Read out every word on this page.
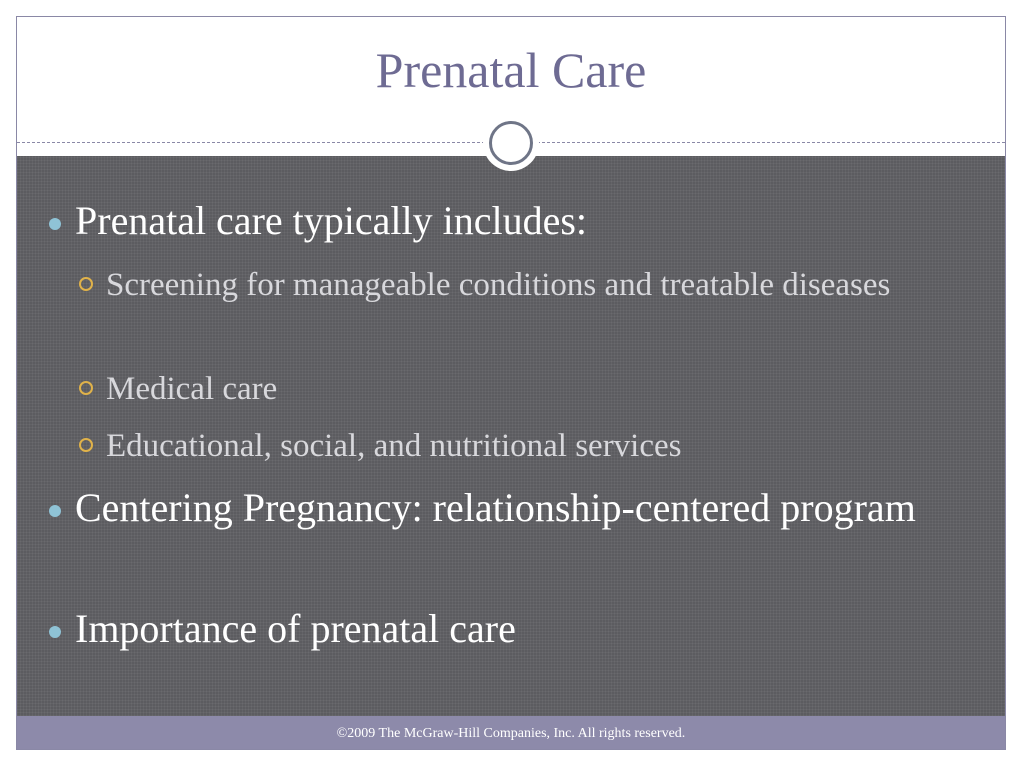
Prenatal Care
Prenatal care typically includes:
Screening for manageable conditions and treatable diseases
Medical care
Educational, social, and nutritional services
Centering Pregnancy: relationship-centered program
Importance of prenatal care
©2009 The McGraw-Hill Companies, Inc. All rights reserved.
